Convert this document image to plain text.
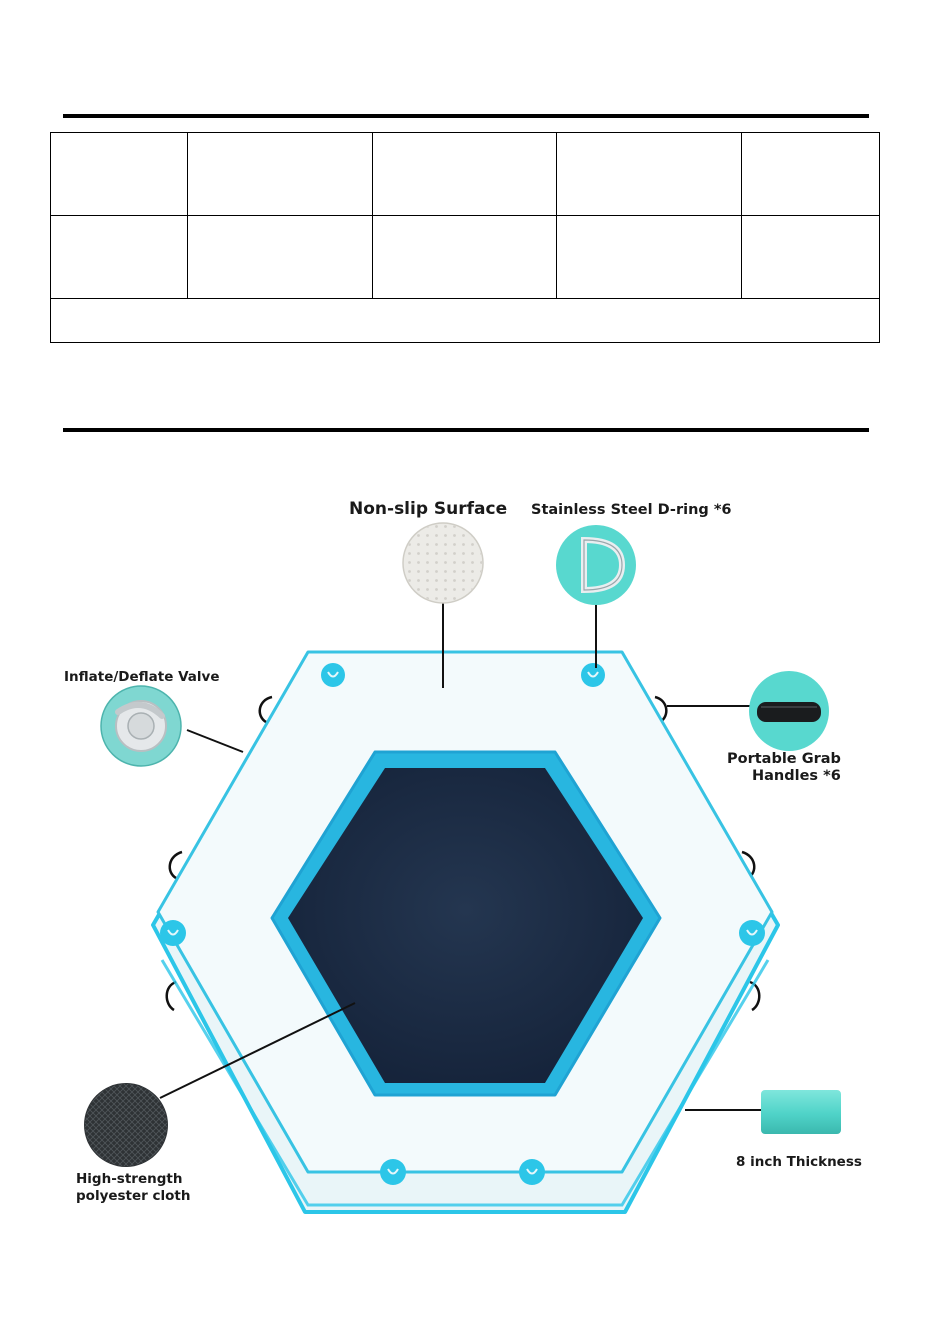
Non-slip Surface Stainless Steel D-ring *6
Inflate/Deflate Valve
Portable Grab
Handles *6
High-strength
polyester cloth
8 inch Thickness
